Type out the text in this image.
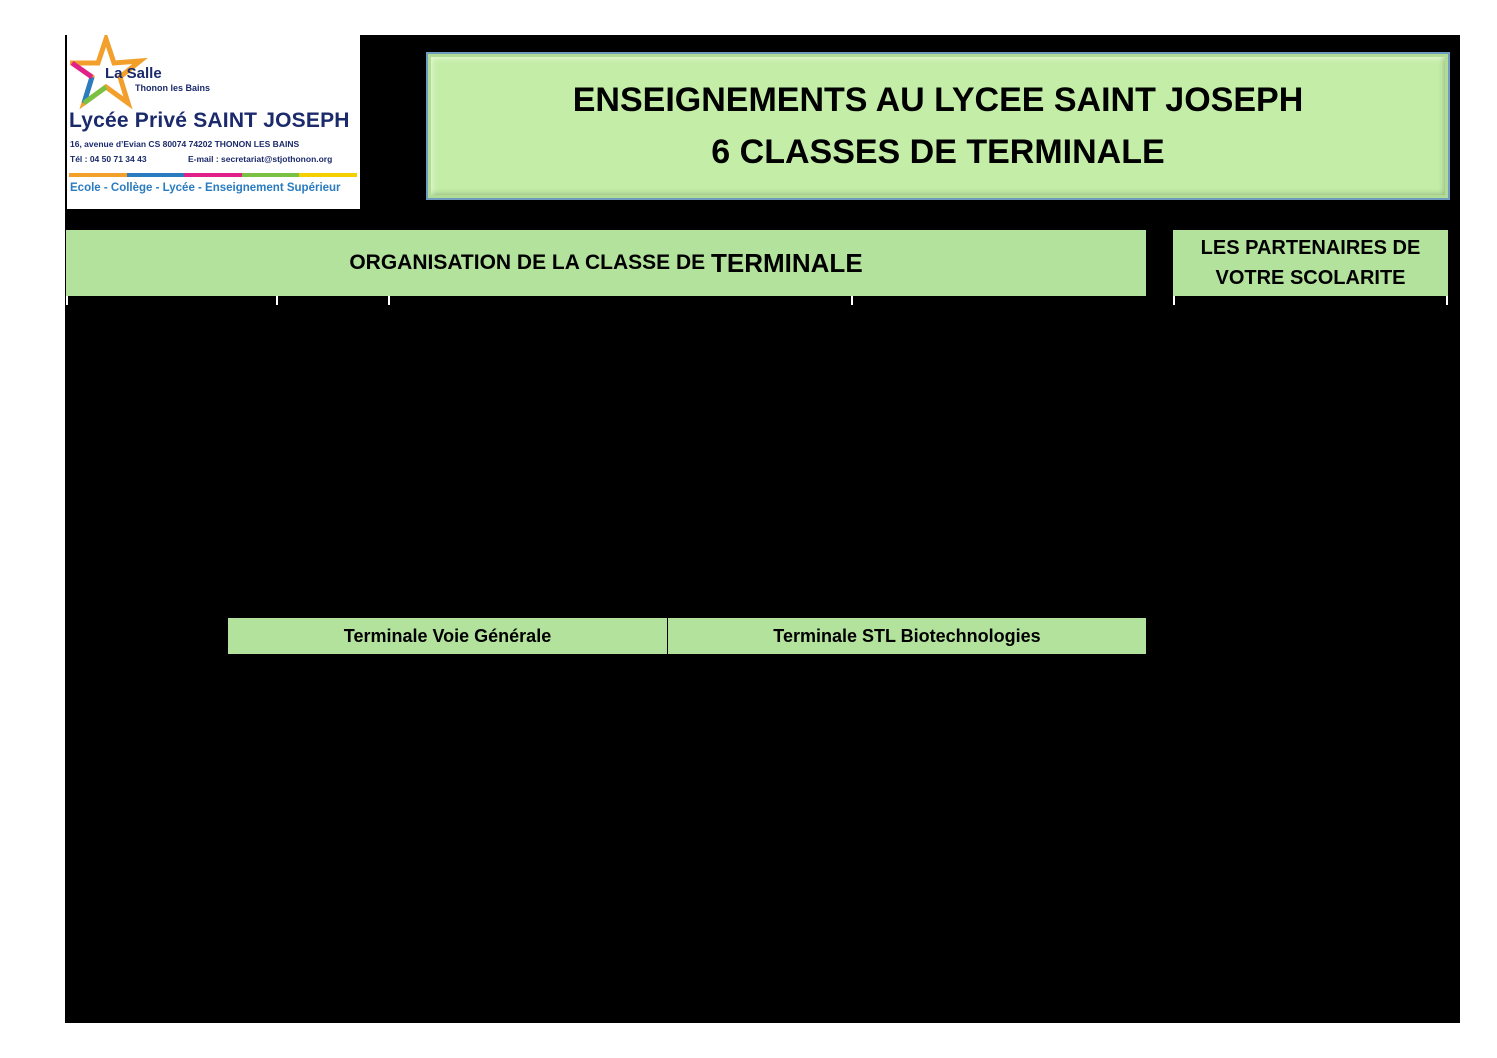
La Salle
Thonon les Bains
Lycée Privé SAINT JOSEPH
16, avenue d’Evian CS 80074 74202 THONON LES BAINS
Tél : 04 50 71 34 43	E-mail : secretariat@stjothonon.org
Ecole - Collège - Lycée - Enseignement Supérieur
ENSEIGNEMENTS AU LYCEE SAINT JOSEPH
6 CLASSES DE TERMINALE
ORGANISATION DE LA CLASSE DE TERMINALE	LES PARTENAIRES DE
VOTRE SCOLARITE
Terminale Voie Générale	Terminale STL Biotechnologies
